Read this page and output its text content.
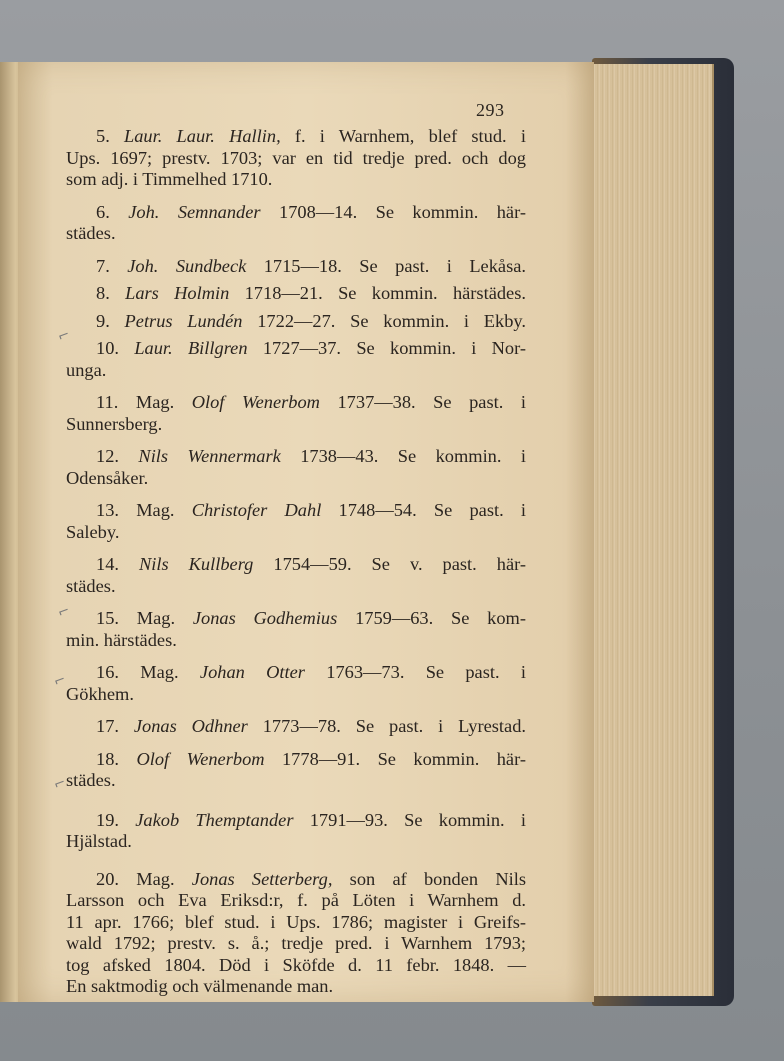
293

5. Laur. Laur. Hallin, f. i Warnhem, blef stud. i

Ups. 1697; prestv. 1703; var en tid tredje pred. och dog

som adj. i Timmelhed 1710.

6. Joh. Semnander 1708—14. Se kommin. här-

städes.

7. Joh. Sundbeck 1715—18. Se past. i Lekåsa.

8. Lars Holmin 1718—21. Se kommin. härstädes.

9. Petrus Lundén 1722—27. Se kommin. i Ekby.

10. Laur. Billgren 1727—37. Se kommin. i Nor-

unga.

11. Mag. Olof Wenerbom 1737—38. Se past. i

Sunnersberg.

12. Nils Wennermark 1738—43. Se kommin. i

Odensåker.

13. Mag. Christofer Dahl 1748—54. Se past. i

Saleby.

14. Nils Kullberg 1754—59. Se v. past. här-

städes.

15. Mag. Jonas Godhemius 1759—63. Se kom-

min. härstädes.

16. Mag. Johan Otter 1763—73. Se past. i

Gökhem.

17. Jonas Odhner 1773—78. Se past. i Lyrestad.

18. Olof Wenerbom 1778—91. Se kommin. här-

städes.

19. Jakob Themptander 1791—93. Se kommin. i

Hjälstad.

20. Mag. Jonas Setterberg, son af bonden Nils

Larsson och Eva Eriksd:r, f. på Löten i Warnhem d.

11 apr. 1766; blef stud. i Ups. 1786; magister i Greifs-

wald 1792; prestv. s. å.; tredje pred. i Warnhem 1793;

tog afsked 1804. Död i Sköfde d. 11 febr. 1848. —

En saktmodig och välmenande man.

⌐
⌐
⌐
⌐
